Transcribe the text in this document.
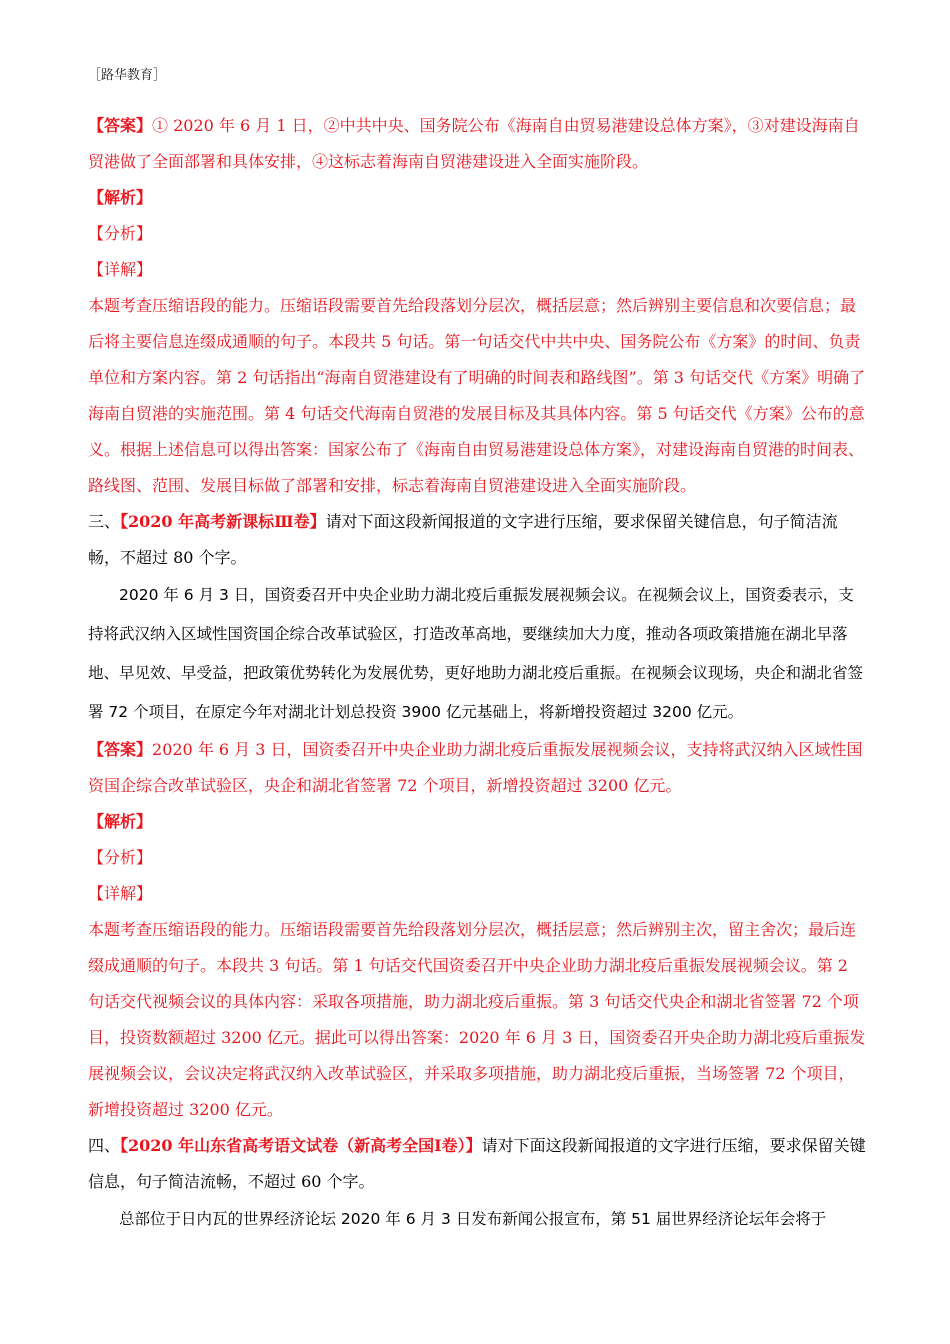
［路华教育］

【答案】① 2020 年 6 月 1 日，②中共中央、国务院公布《海南自由贸易港建设总体方案》，③对建设海南自贸港做了全面部署和具体安排，④这标志着海南自贸港建设进入全面实施阶段。

【解析】

【分析】

【详解】

本题考查压缩语段的能力。压缩语段需要首先给段落划分层次，概括层意；然后辨别主要信息和次要信息；最后将主要信息连缀成通顺的句子。本段共 5 句话。第一句话交代中共中央、国务院公布《方案》的时间、负责单位和方案内容。第 2 句话指出“海南自贸港建设有了明确的时间表和路线图”。第 3 句话交代《方案》明确了海南自贸港的实施范围。第 4 句话交代海南自贸港的发展目标及其具体内容。第 5 句话交代《方案》公布的意义。根据上述信息可以得出答案：国家公布了《海南自由贸易港建设总体方案》，对建设海南自贸港的时间表、路线图、范围、发展目标做了部署和安排，标志着海南自贸港建设进入全面实施阶段。

三、【2020 年高考新课标Ⅲ卷】请对下面这段新闻报道的文字进行压缩，要求保留关键信息，句子简洁流畅，不超过 80 个字。

2020 年 6 月 3 日，国资委召开中央企业助力湖北疫后重振发展视频会议。在视频会议上，国资委表示，支持将武汉纳入区域性国资国企综合改革试验区，打造改革高地，要继续加大力度，推动各项政策措施在湖北早落地、早见效、早受益，把政策优势转化为发展优势，更好地助力湖北疫后重振。在视频会议现场，央企和湖北省签署 72 个项目，在原定今年对湖北计划总投资 3900 亿元基础上，将新增投资超过 3200 亿元。

【答案】2020 年 6 月 3 日，国资委召开中央企业助力湖北疫后重振发展视频会议，支持将武汉纳入区域性国资国企综合改革试验区，央企和湖北省签署 72 个项目，新增投资超过 3200 亿元。

【解析】

【分析】

【详解】

本题考查压缩语段的能力。压缩语段需要首先给段落划分层次，概括层意；然后辨别主次，留主舍次；最后连缀成通顺的句子。本段共 3 句话。第 1 句话交代国资委召开中央企业助力湖北疫后重振发展视频会议。第 2 句话交代视频会议的具体内容：采取各项措施，助力湖北疫后重振。第 3 句话交代央企和湖北省签署 72 个项目，投资数额超过 3200 亿元。据此可以得出答案：2020 年 6 月 3 日，国资委召开央企助力湖北疫后重振发展视频会议，会议决定将武汉纳入改革试验区，并采取多项措施，助力湖北疫后重振，当场签署 72 个项目，新增投资超过 3200 亿元。

四、【2020 年山东省高考语文试卷（新高考全国Ⅰ卷）】请对下面这段新闻报道的文字进行压缩，要求保留关键信息，句子简洁流畅，不超过 60 个字。

总部位于日内瓦的世界经济论坛 2020 年 6 月 3 日发布新闻公报宣布，第 51 届世界经济论坛年会将于
